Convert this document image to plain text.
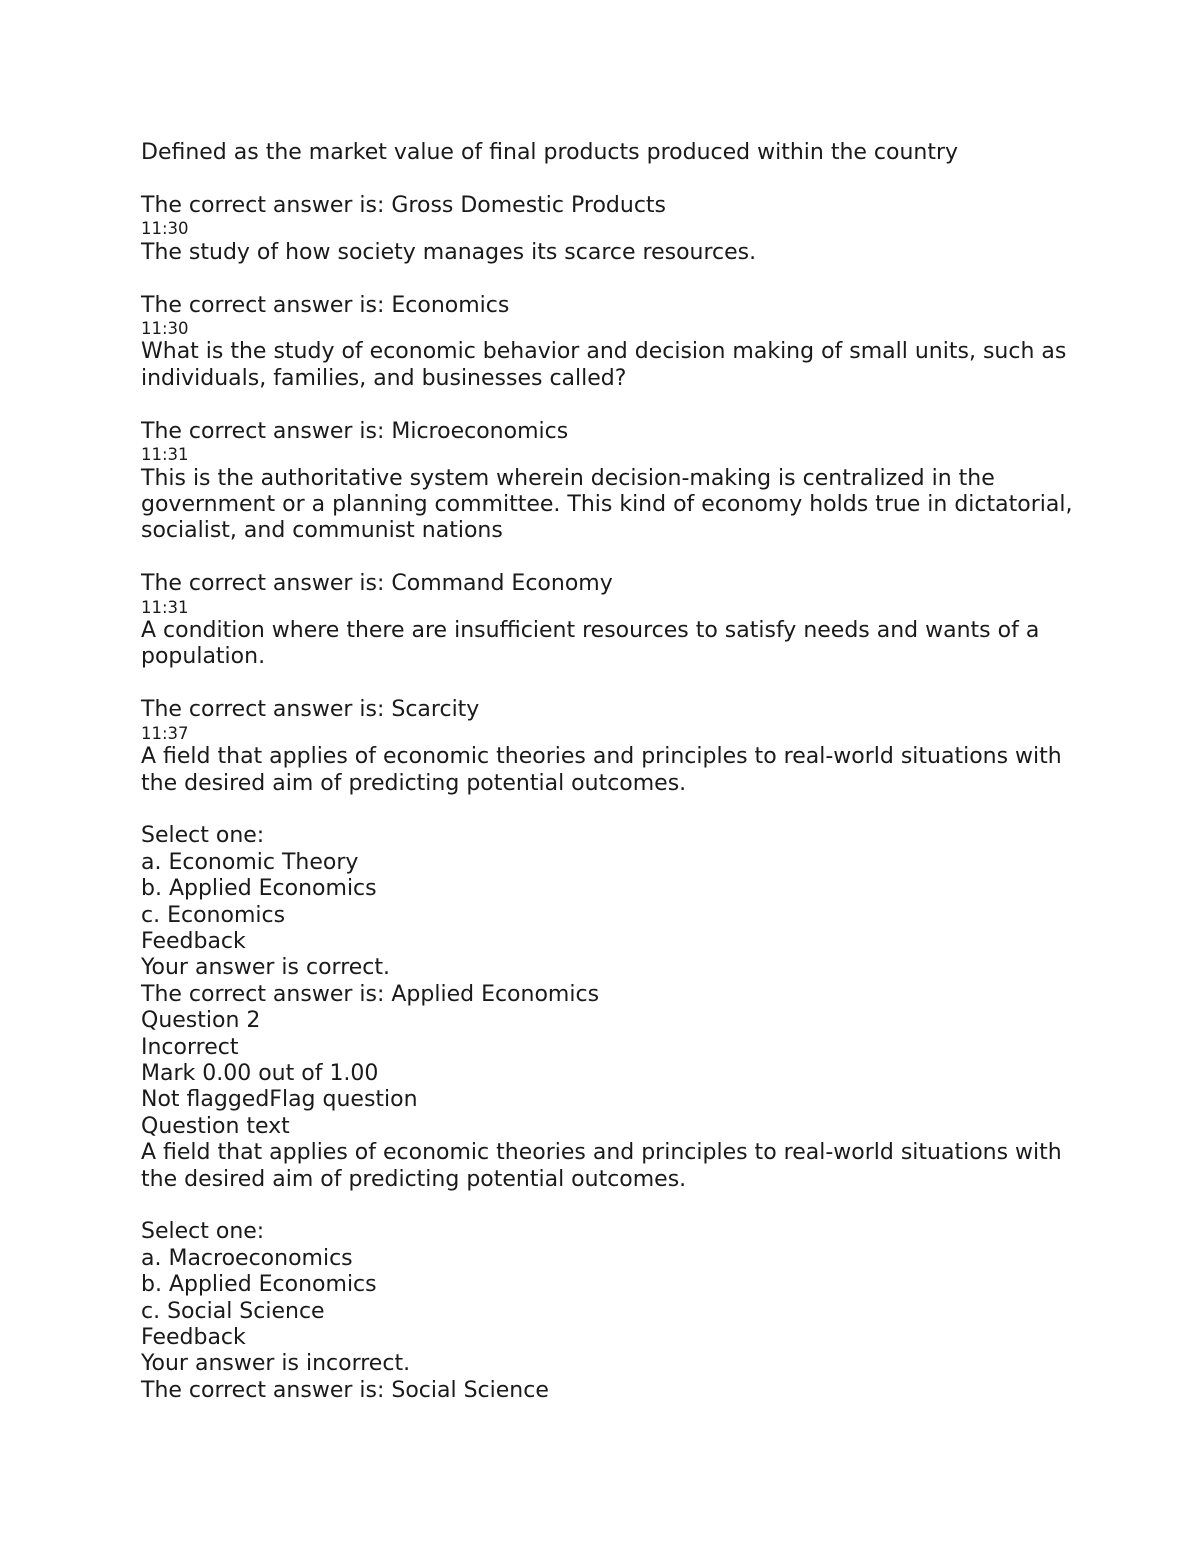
Defined as the market value of final products produced within the country
The correct answer is: Gross Domestic Products
11:30
The study of how society manages its scarce resources.
The correct answer is: Economics
11:30
What is the study of economic behavior and decision making of small units, such as individuals, families, and businesses called?
The correct answer is: Microeconomics
11:31
This is the authoritative system wherein decision-making is centralized in the government or a planning committee. This kind of economy holds true in dictatorial, socialist, and communist nations
The correct answer is: Command Economy
11:31
A condition where there are insufficient resources to satisfy needs and wants of a population.
The correct answer is: Scarcity
11:37
A field that applies of economic theories and principles to real-world situations with the desired aim of predicting potential outcomes.
Select one:
a. Economic Theory
b. Applied Economics
c. Economics
Feedback
Your answer is correct.
The correct answer is: Applied Economics
Question 2
Incorrect
Mark 0.00 out of 1.00
Not flaggedFlag question
Question text
A field that applies of economic theories and principles to real-world situations with the desired aim of predicting potential outcomes.
Select one:
a. Macroeconomics
b. Applied Economics
c. Social Science
Feedback
Your answer is incorrect.
The correct answer is: Social Science
